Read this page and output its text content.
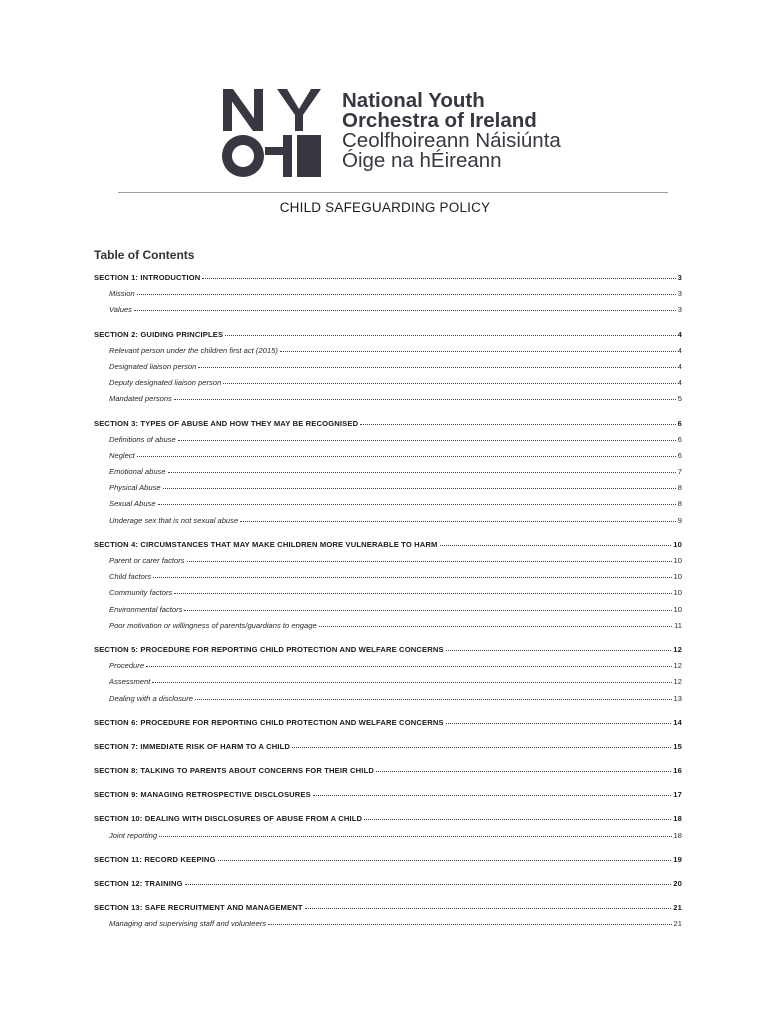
National Youth
Orchestra of Ireland
Ceolfhoireann Náisiúnta
Óige na hÉireann
CHILD SAFEGUARDING POLICY
Table of Contents
SECTION 1: INTRODUCTION	3
Mission	3
Values	3
SECTION 2: GUIDING PRINCIPLES	4
Relevant person under the children first act (2015)	4
Designated liaison person	4
Deputy designated liaison person	4
Mandated persons	5
SECTION 3: TYPES OF ABUSE AND HOW THEY MAY BE RECOGNISED	6
Definitions of abuse	6
Neglect	6
Emotional abuse	7
Physical Abuse	8
Sexual Abuse	8
Underage sex that is not sexual abuse	9
SECTION 4: CIRCUMSTANCES THAT MAY MAKE CHILDREN MORE VULNERABLE TO HARM	10
Parent or carer factors	10
Child factors	10
Community factors	10
Environmental factors	10
Poor motivation or willingness of parents/guardians to engage	11
SECTION 5: PROCEDURE FOR REPORTING CHILD PROTECTION AND WELFARE CONCERNS	12
Procedure	12
Assessment	12
Dealing with a disclosure	13
SECTION 6: PROCEDURE FOR REPORTING CHILD PROTECTION AND WELFARE CONCERNS	14
SECTION 7: IMMEDIATE RISK OF HARM TO A CHILD	15
SECTION 8: TALKING TO PARENTS ABOUT CONCERNS FOR THEIR CHILD	16
SECTION 9: MANAGING RETROSPECTIVE DISCLOSURES	17
SECTION 10: DEALING WITH DISCLOSURES OF ABUSE FROM A CHILD	18
Joint reporting	18
SECTION 11: RECORD KEEPING	19
SECTION 12: TRAINING	20
SECTION 13: SAFE RECRUITMENT AND MANAGEMENT	21
Managing and supervising staff and volunteers	21
